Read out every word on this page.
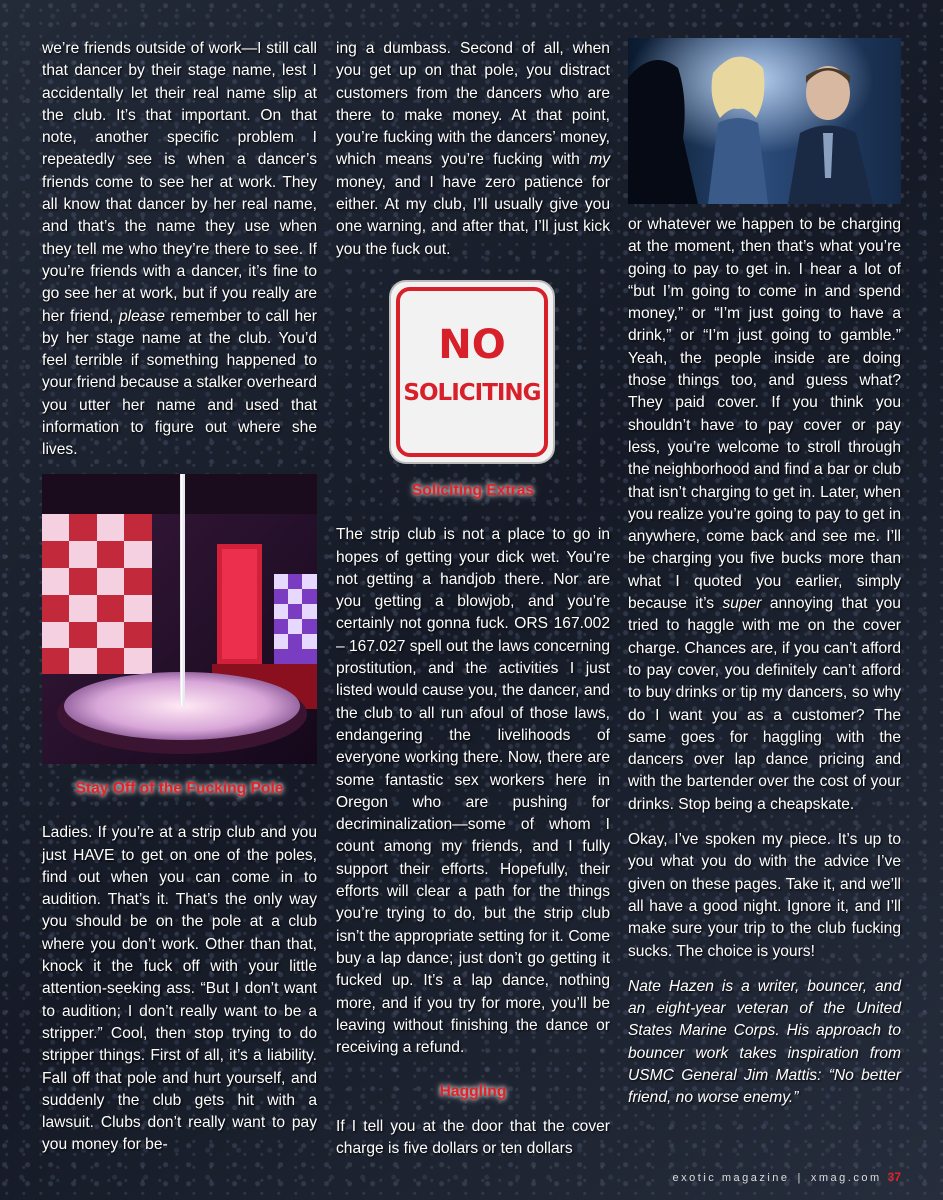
we’re friends outside of work—I still call that dancer by their stage name, lest I accidentally let their real name slip at the club. It’s that important. On that note, another specific problem I repeatedly see is when a dancer’s friends come to see her at work. They all know that dancer by her real name, and that’s the name they use when they tell me who they’re there to see. If you’re friends with a dancer, it’s fine to go see her at work, but if you really are her friend, please remember to call her by her stage name at the club. You’d feel terrible if something happened to your friend because a stalker overheard you utter her name and used that information to figure out where she lives.

Stay Off of the Fucking Pole

Ladies. If you’re at a strip club and you just HAVE to get on one of the poles, find out when you can come in to audition. That’s it. That’s the only way you should be on the pole at a club where you don’t work. Other than that, knock it the fuck off with your little attention-seeking ass. “But I don’t want to audition; I don’t really want to be a stripper.” Cool, then stop trying to do stripper things. First of all, it’s a liability. Fall off that pole and hurt yourself, and suddenly the club gets hit with a lawsuit. Clubs don’t really want to pay you money for be-

ing a dumbass. Second of all, when you get up on that pole, you distract customers from the dancers who are there to make money. At that point, you’re fucking with the dancers’ money, which means you’re fucking with my money, and I have zero patience for either. At my club, I’ll usually give you one warning, and after that, I’ll just kick you the fuck out.

NO
SOLICITING

Soliciting Extras

The strip club is not a place to go in hopes of getting your dick wet. You’re not getting a handjob there. Nor are you getting a blowjob, and you’re certainly not gonna fuck. ORS 167.002 – 167.027 spell out the laws concerning prostitution, and the activities I just listed would cause you, the dancer, and the club to all run afoul of those laws, endangering the livelihoods of everyone working there. Now, there are some fantastic sex workers here in Oregon who are pushing for decriminalization—some of whom I count among my friends, and I fully support their efforts. Hopefully, their efforts will clear a path for the things you’re trying to do, but the strip club isn’t the appropriate setting for it. Come buy a lap dance; just don’t go getting it fucked up. It’s a lap dance, nothing more, and if you try for more, you’ll be leaving without finishing the dance or receiving a refund.

Haggling

If I tell you at the door that the cover charge is five dollars or ten dollars

or whatever we happen to be charging at the moment, then that’s what you’re going to pay to get in. I hear a lot of “but I’m going to come in and spend money,” or “I’m just going to have a drink,” or “I’m just going to gamble.” Yeah, the people inside are doing those things too, and guess what? They paid cover. If you think you shouldn’t have to pay cover or pay less, you’re welcome to stroll through the neighborhood and find a bar or club that isn’t charging to get in. Later, when you realize you’re going to pay to get in anywhere, come back and see me. I’ll be charging you five bucks more than what I quoted you earlier, simply because it’s super annoying that you tried to haggle with me on the cover charge. Chances are, if you can’t afford to pay cover, you definitely can’t afford to buy drinks or tip my dancers, so why do I want you as a customer? The same goes for haggling with the dancers over lap dance pricing and with the bartender over the cost of your drinks. Stop being a cheapskate.

Okay, I’ve spoken my piece. It’s up to you what you do with the advice I’ve given on these pages. Take it, and we’ll all have a good night. Ignore it, and I’ll make sure your trip to the club fucking sucks. The choice is yours!

Nate Hazen is a writer, bouncer, and an eight-year veteran of the United States Marine Corps. His approach to bouncer work takes inspiration from USMC General Jim Mattis: “No better friend, no worse enemy.”

exotic magazine | xmag.com 37
